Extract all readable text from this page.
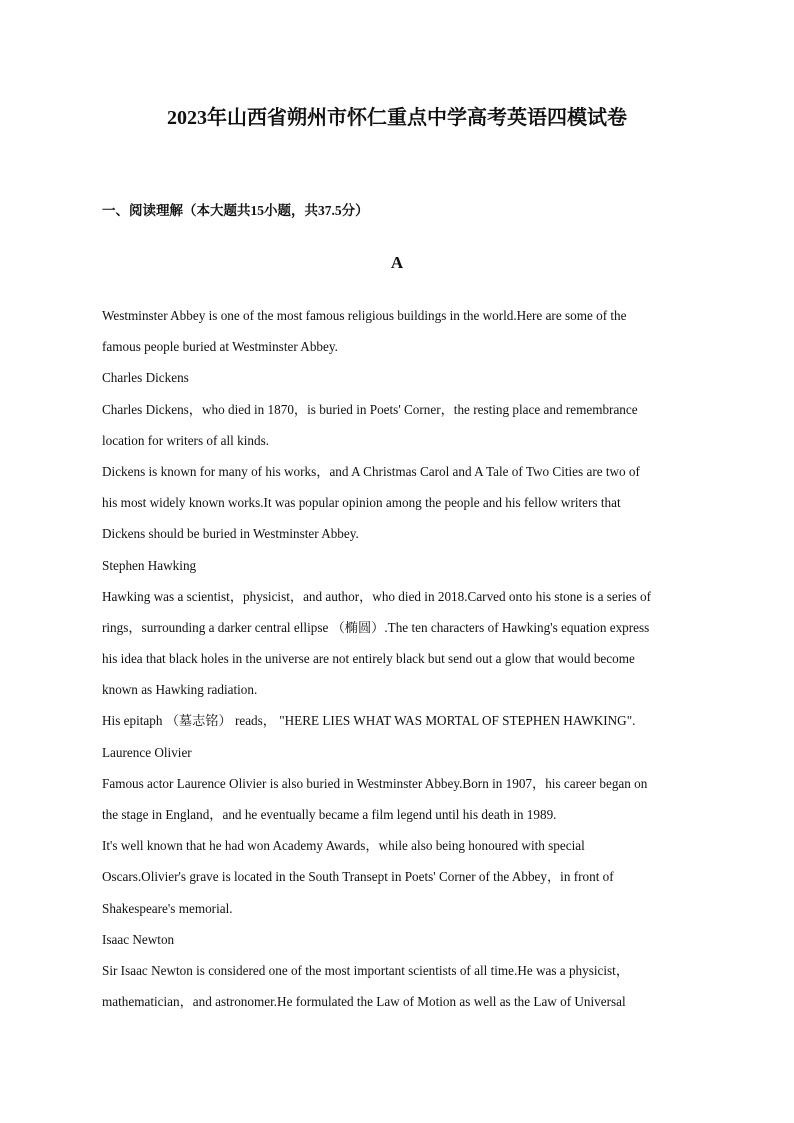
2023年山西省朔州市怀仁重点中学高考英语四模试卷
一、阅读理解（本大题共15小题，共37.5分）
A
Westminster Abbey is one of the most famous religious buildings in the world.Here are some of the
famous people buried at Westminster Abbey.
Charles Dickens
Charles Dickens，who died in 1870，is buried in Poets' Corner，the resting place and remembrance
location for writers of all kinds.
Dickens is known for many of his works，and A Christmas Carol and A Tale of Two Cities are two of
his most widely known works.It was popular opinion among the people and his fellow writers that
Dickens should be buried in Westminster Abbey.
Stephen Hawking
Hawking was a scientist，physicist，and author，who died in 2018.Carved onto his stone is a series of
rings，surrounding a darker central ellipse （椭圆）.The ten characters of Hawking's equation express
his idea that black holes in the universe are not entirely black but send out a glow that would become
known as Hawking radiation.
His epitaph （墓志铭） reads， "HERE LIES WHAT WAS MORTAL OF STEPHEN HAWKING".
Laurence Olivier
Famous actor Laurence Olivier is also buried in Westminster Abbey.Born in 1907，his career began on
the stage in England，and he eventually became a film legend until his death in 1989.
It's well known that he had won Academy Awards，while also being honoured with special
Oscars.Olivier's grave is located in the South Transept in Poets' Corner of the Abbey，in front of
Shakespeare's memorial.
Isaac Newton
Sir Isaac Newton is considered one of the most important scientists of all time.He was a physicist，
mathematician，and astronomer.He formulated the Law of Motion as well as the Law of Universal
